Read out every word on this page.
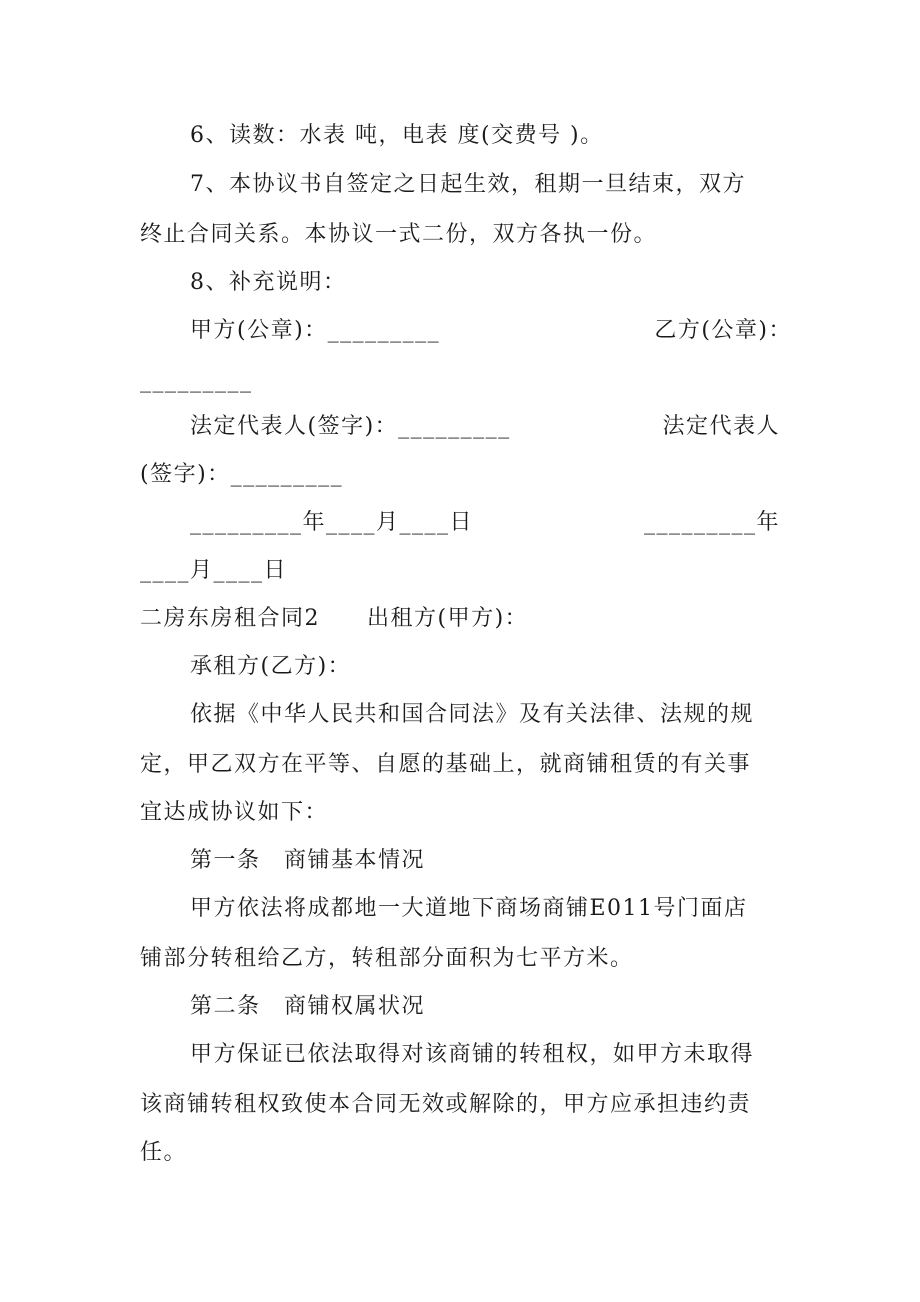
6、读数：水表 吨，电表 度(交费号 )。
7、本协议书自签定之日起生效，租期一旦结束，双方
终止合同关系。本协议一式二份，双方各执一份。
8、补充说明：
甲方(公章)：_________	乙方(公章)：
_________
法定代表人(签字)：_________	法定代表人
(签字)：_________
_________年____月____日	_________年
____月____日
二房东房租合同2　　出租方(甲方)：
承租方(乙方)：
依据《中华人民共和国合同法》及有关法律、法规的规
定，甲乙双方在平等、自愿的基础上，就商铺租赁的有关事
宜达成协议如下：
第一条　商铺基本情况
甲方依法将成都地一大道地下商场商铺E011号门面店
铺部分转租给乙方，转租部分面积为七平方米。
第二条　商铺权属状况
甲方保证已依法取得对该商铺的转租权，如甲方未取得
该商铺转租权致使本合同无效或解除的，甲方应承担违约责
任。
